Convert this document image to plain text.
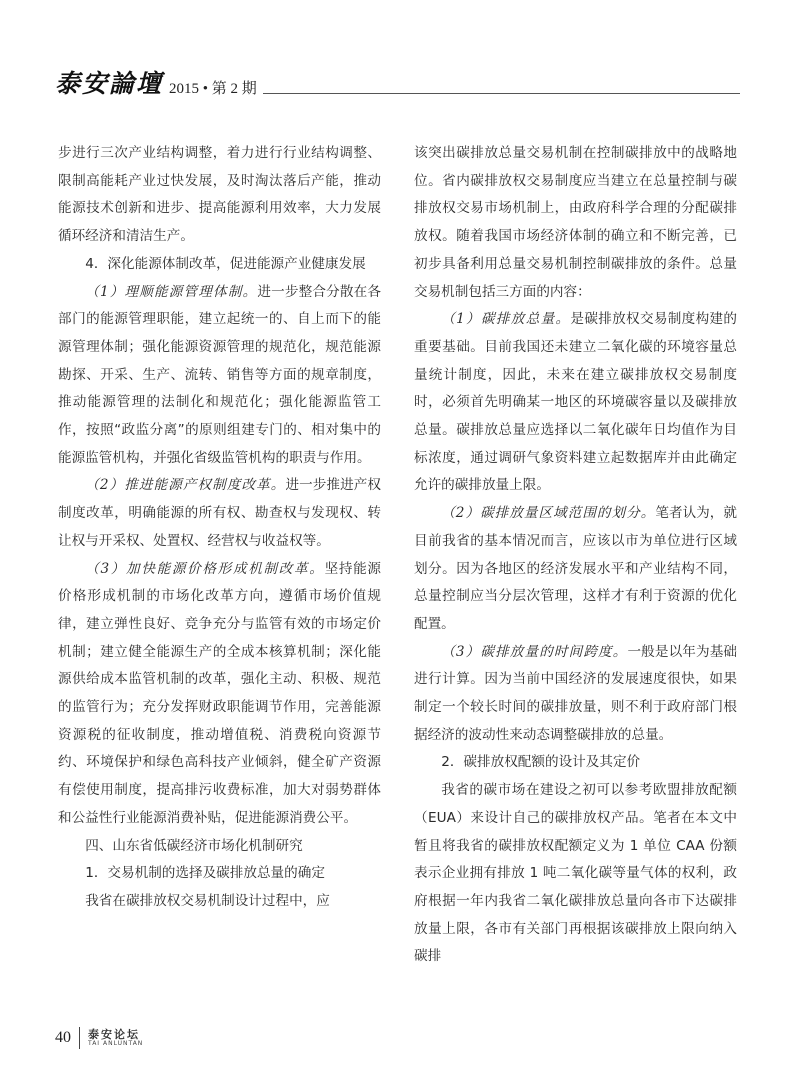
泰安論壇 2015 • 第 2 期

步进行三次产业结构调整，着力进行行业结构调整、限制高能耗产业过快发展，及时淘汰落后产能，推动能源技术创新和进步、提高能源利用效率，大力发展循环经济和清洁生产。

4．深化能源体制改革，促进能源产业健康发展

（1）理顺能源管理体制。进一步整合分散在各部门的能源管理职能，建立起统一的、自上而下的能源管理体制；强化能源资源管理的规范化，规范能源勘探、开采、生产、流转、销售等方面的规章制度，推动能源管理的法制化和规范化；强化能源监管工作，按照“政监分离”的原则组建专门的、相对集中的能源监管机构，并强化省级监管机构的职责与作用。

（2）推进能源产权制度改革。进一步推进产权制度改革，明确能源的所有权、勘查权与发现权、转让权与开采权、处置权、经营权与收益权等。

（3）加快能源价格形成机制改革。坚持能源价格形成机制的市场化改革方向，遵循市场价值规律，建立弹性良好、竞争充分与监管有效的市场定价机制；建立健全能源生产的全成本核算机制；深化能源供给成本监管机制的改革，强化主动、积极、规范的监管行为；充分发挥财政职能调节作用，完善能源资源税的征收制度，推动增值税、消费税向资源节约、环境保护和绿色高科技产业倾斜，健全矿产资源有偿使用制度，提高排污收费标准，加大对弱势群体和公益性行业能源消费补贴，促进能源消费公平。

四、山东省低碳经济市场化机制研究

1．交易机制的选择及碳排放总量的确定

我省在碳排放权交易机制设计过程中，应

该突出碳排放总量交易机制在控制碳排放中的战略地位。省内碳排放权交易制度应当建立在总量控制与碳排放权交易市场机制上，由政府科学合理的分配碳排放权。随着我国市场经济体制的确立和不断完善，已初步具备利用总量交易机制控制碳排放的条件。总量交易机制包括三方面的内容：

（1）碳排放总量。是碳排放权交易制度构建的重要基础。目前我国还未建立二氧化碳的环境容量总量统计制度，因此，未来在建立碳排放权交易制度时，必须首先明确某一地区的环境碳容量以及碳排放总量。碳排放总量应选择以二氧化碳年日均值作为目标浓度，通过调研气象资料建立起数据库并由此确定允许的碳排放量上限。

（2）碳排放量区域范围的划分。笔者认为，就目前我省的基本情况而言，应该以市为单位进行区域划分。因为各地区的经济发展水平和产业结构不同，总量控制应当分层次管理，这样才有利于资源的优化配置。

（3）碳排放量的时间跨度。一般是以年为基础进行计算。因为当前中国经济的发展速度很快，如果制定一个较长时间的碳排放量，则不利于政府部门根据经济的波动性来动态调整碳排放的总量。

2．碳排放权配额的设计及其定价

我省的碳市场在建设之初可以参考欧盟排放配额（EUA）来设计自己的碳排放权产品。笔者在本文中暂且将我省的碳排放权配额定义为 1 单位 CAA 份额表示企业拥有排放 1 吨二氧化碳等量气体的权利，政府根据一年内我省二氧化碳排放总量向各市下达碳排放量上限，各市有关部门再根据该碳排放上限向纳入碳排

40 泰安论坛
TAI ANLUNTAN
